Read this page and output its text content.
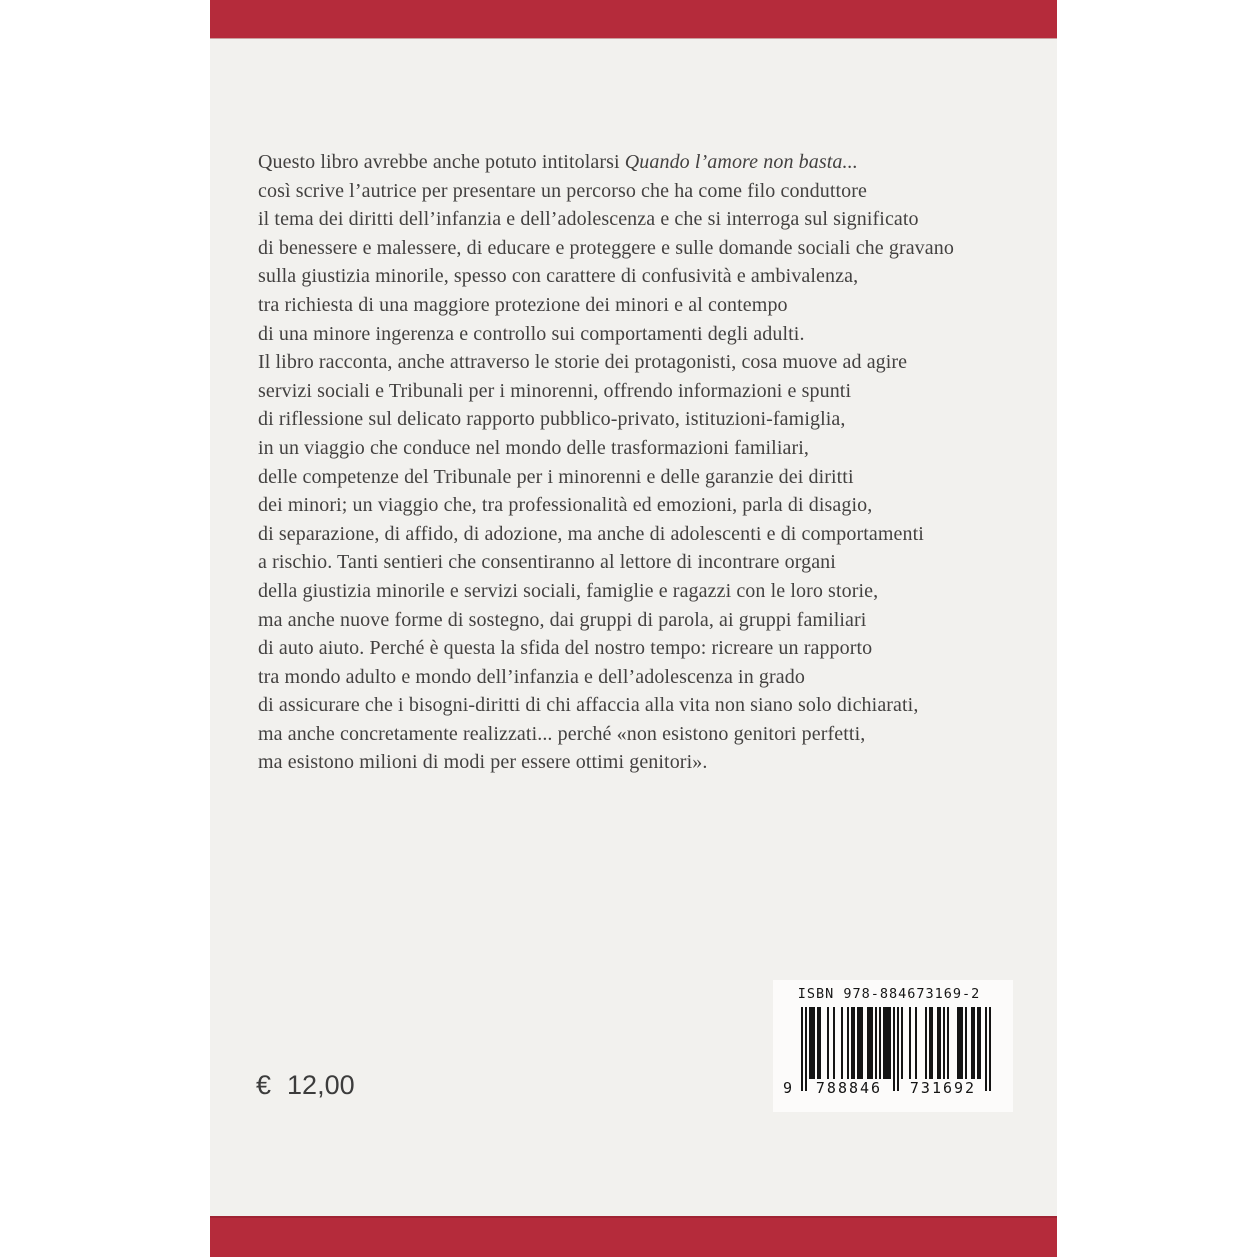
Questo libro avrebbe anche potuto intitolarsi Quando l’amore non basta...
così scrive l’autrice per presentare un percorso che ha come filo conduttore
il tema dei diritti dell’infanzia e dell’adolescenza e che si interroga sul significato
di benessere e malessere, di educare e proteggere e sulle domande sociali che gravano
sulla giustizia minorile, spesso con carattere di confusività e ambivalenza,
tra richiesta di una maggiore protezione dei minori e al contempo
di una minore ingerenza e controllo sui comportamenti degli adulti.
Il libro racconta, anche attraverso le storie dei protagonisti, cosa muove ad agire
servizi sociali e Tribunali per i minorenni, offrendo informazioni e spunti
di riflessione sul delicato rapporto pubblico-privato, istituzioni-famiglia,
in un viaggio che conduce nel mondo delle trasformazioni familiari,
delle competenze del Tribunale per i minorenni e delle garanzie dei diritti
dei minori; un viaggio che, tra professionalità ed emozioni, parla di disagio,
di separazione, di affido, di adozione, ma anche di adolescenti e di comportamenti
a rischio. Tanti sentieri che consentiranno al lettore di incontrare organi
della giustizia minorile e servizi sociali, famiglie e ragazzi con le loro storie,
ma anche nuove forme di sostegno, dai gruppi di parola, ai gruppi familiari
di auto aiuto. Perché è questa la sfida del nostro tempo: ricreare un rapporto
tra mondo adulto e mondo dell’infanzia e dell’adolescenza in grado
di assicurare che i bisogni-diritti di chi affaccia alla vita non siano solo dichiarati,
ma anche concretamente realizzati... perché «non esistono genitori perfetti,
ma esistono milioni di modi per essere ottimi genitori».
ISBN 978-884673169-2
9	788846	731692
€ 12,00
